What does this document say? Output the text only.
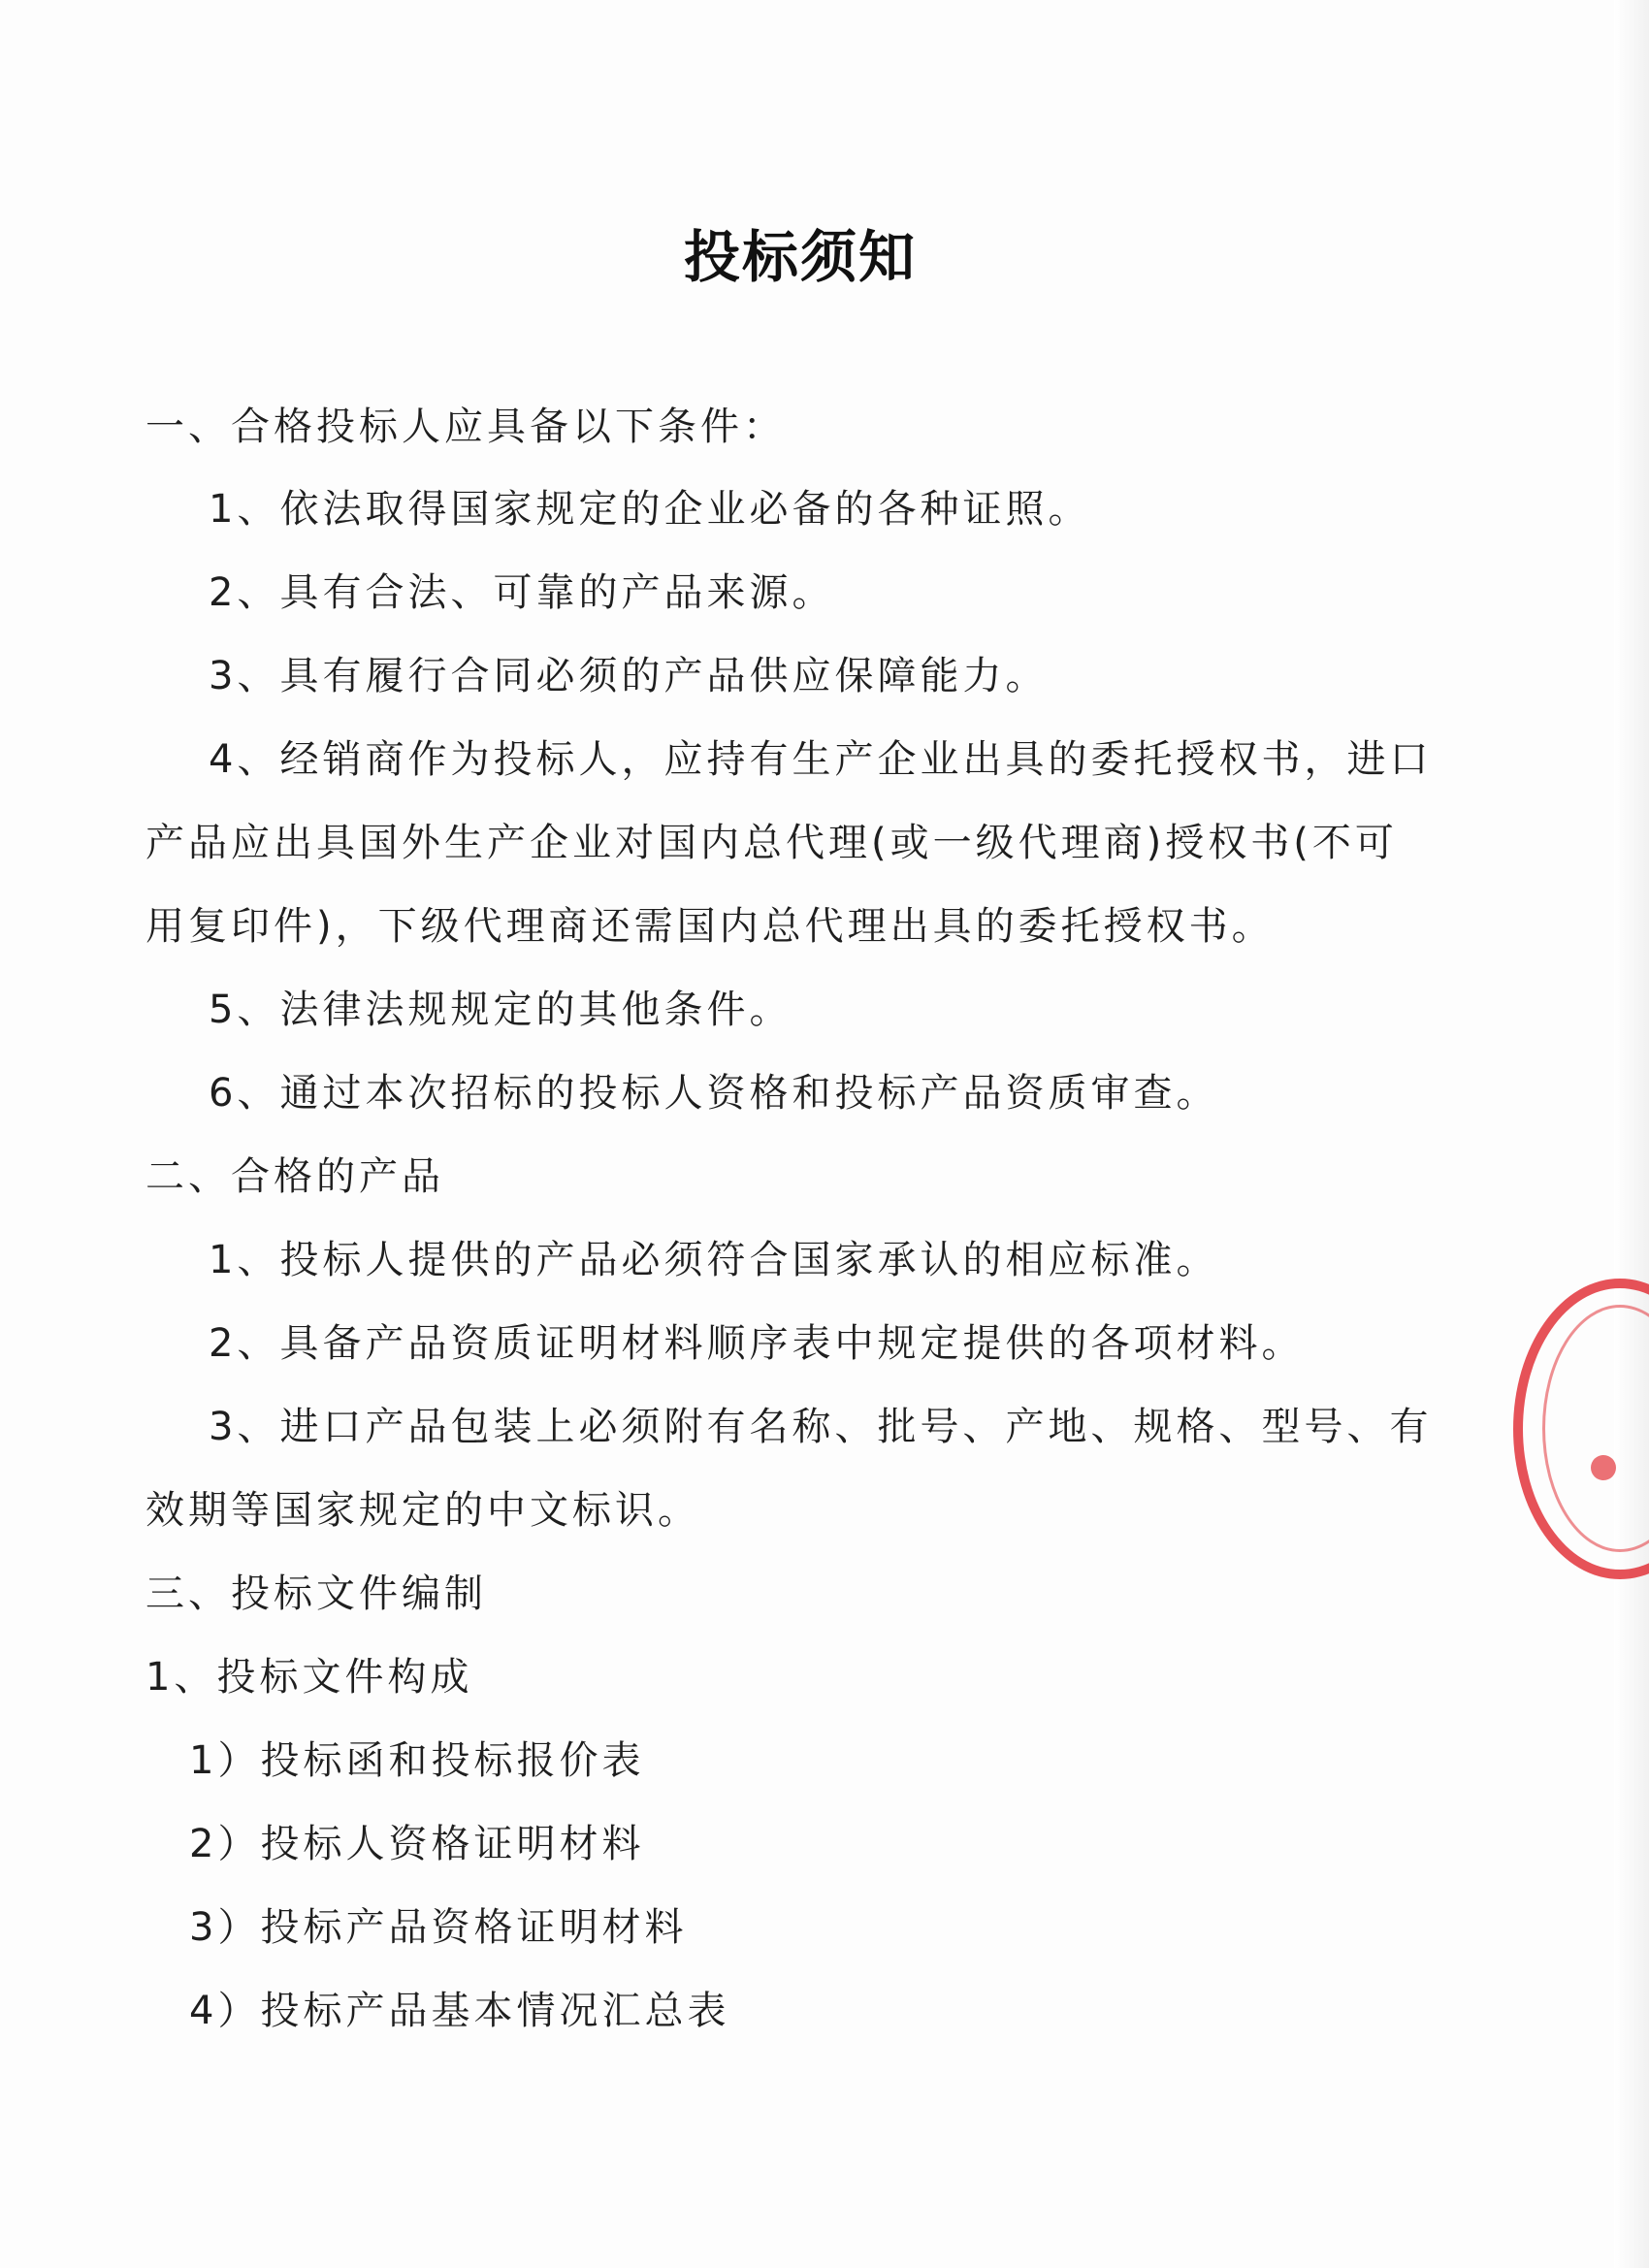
投标须知
一、合格投标人应具备以下条件：
1、依法取得国家规定的企业必备的各种证照。
2、具有合法、可靠的产品来源。
3、具有履行合同必须的产品供应保障能力。
4、经销商作为投标人，应持有生产企业出具的委托授权书，进口
产品应出具国外生产企业对国内总代理(或一级代理商)授权书(不可
用复印件)，下级代理商还需国内总代理出具的委托授权书。
5、法律法规规定的其他条件。
6、通过本次招标的投标人资格和投标产品资质审查。
二、合格的产品
1、投标人提供的产品必须符合国家承认的相应标准。
2、具备产品资质证明材料顺序表中规定提供的各项材料。
3、进口产品包装上必须附有名称、批号、产地、规格、型号、有
效期等国家规定的中文标识。
三、投标文件编制
1、投标文件构成
1）投标函和投标报价表
2）投标人资格证明材料
3）投标产品资格证明材料
4）投标产品基本情况汇总表
